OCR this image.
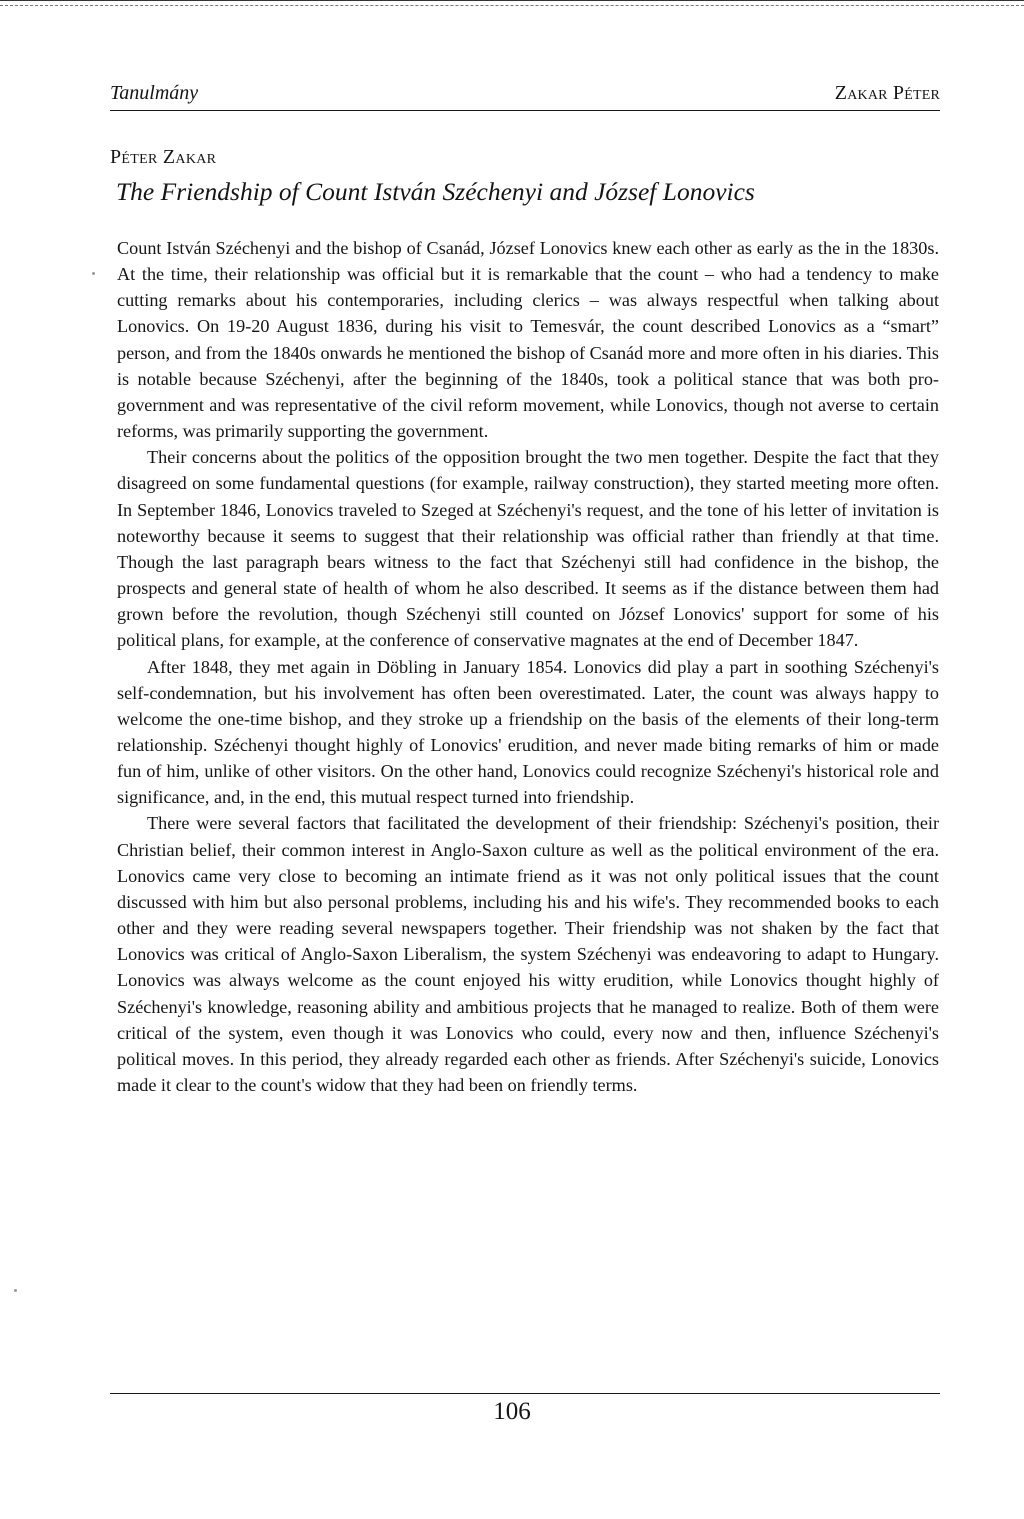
Tanulmány	Zakar Péter
Péter Zakar
The Friendship of Count István Széchenyi and József Lonovics

Count István Széchenyi and the bishop of Csanád, József Lonovics knew each other as early as the in the 1830s. At the time, their relationship was official but it is remarkable that the count – who had a tendency to make cutting remarks about his contemporaries, including clerics – was always respectful when talking about Lonovics. On 19-20 August 1836, during his visit to Temesvár, the count described Lonovics as a “smart” person, and from the 1840s onwards he mentioned the bishop of Csanád more and more often in his diaries. This is notable because Széchenyi, after the beginning of the 1840s, took a political stance that was both pro-government and was representative of the civil reform movement, while Lonovics, though not averse to certain reforms, was primarily supporting the government.

Their concerns about the politics of the opposition brought the two men together. Despite the fact that they disagreed on some fundamental questions (for example, railway construction), they started meeting more often. In September 1846, Lonovics traveled to Szeged at Széchenyi's request, and the tone of his letter of invitation is noteworthy because it seems to suggest that their relationship was official rather than friendly at that time. Though the last paragraph bears witness to the fact that Széchenyi still had confidence in the bishop, the prospects and general state of health of whom he also described. It seems as if the distance between them had grown before the revolution, though Széchenyi still counted on József Lonovics' support for some of his political plans, for example, at the conference of conservative magnates at the end of December 1847.

After 1848, they met again in Döbling in January 1854. Lonovics did play a part in soothing Széchenyi's self-condemnation, but his involvement has often been overestimated. Later, the count was always happy to welcome the one-time bishop, and they stroke up a friendship on the basis of the elements of their long-term relationship. Széchenyi thought highly of Lonovics' erudition, and never made biting remarks of him or made fun of him, unlike of other visitors. On the other hand, Lonovics could recognize Széchenyi's historical role and significance, and, in the end, this mutual respect turned into friendship.

There were several factors that facilitated the development of their friendship: Széchenyi's position, their Christian belief, their common interest in Anglo-Saxon culture as well as the political environment of the era. Lonovics came very close to becoming an intimate friend as it was not only political issues that the count discussed with him but also personal problems, including his and his wife's. They recommended books to each other and they were reading several newspapers together. Their friendship was not shaken by the fact that Lonovics was critical of Anglo-Saxon Liberalism, the system Széchenyi was endeavoring to adapt to Hungary. Lonovics was always welcome as the count enjoyed his witty erudition, while Lonovics thought highly of Széchenyi's knowledge, reasoning ability and ambitious projects that he managed to realize. Both of them were critical of the system, even though it was Lonovics who could, every now and then, influence Széchenyi's political moves. In this period, they already regarded each other as friends. After Széchenyi's suicide, Lonovics made it clear to the count's widow that they had been on friendly terms.

106
